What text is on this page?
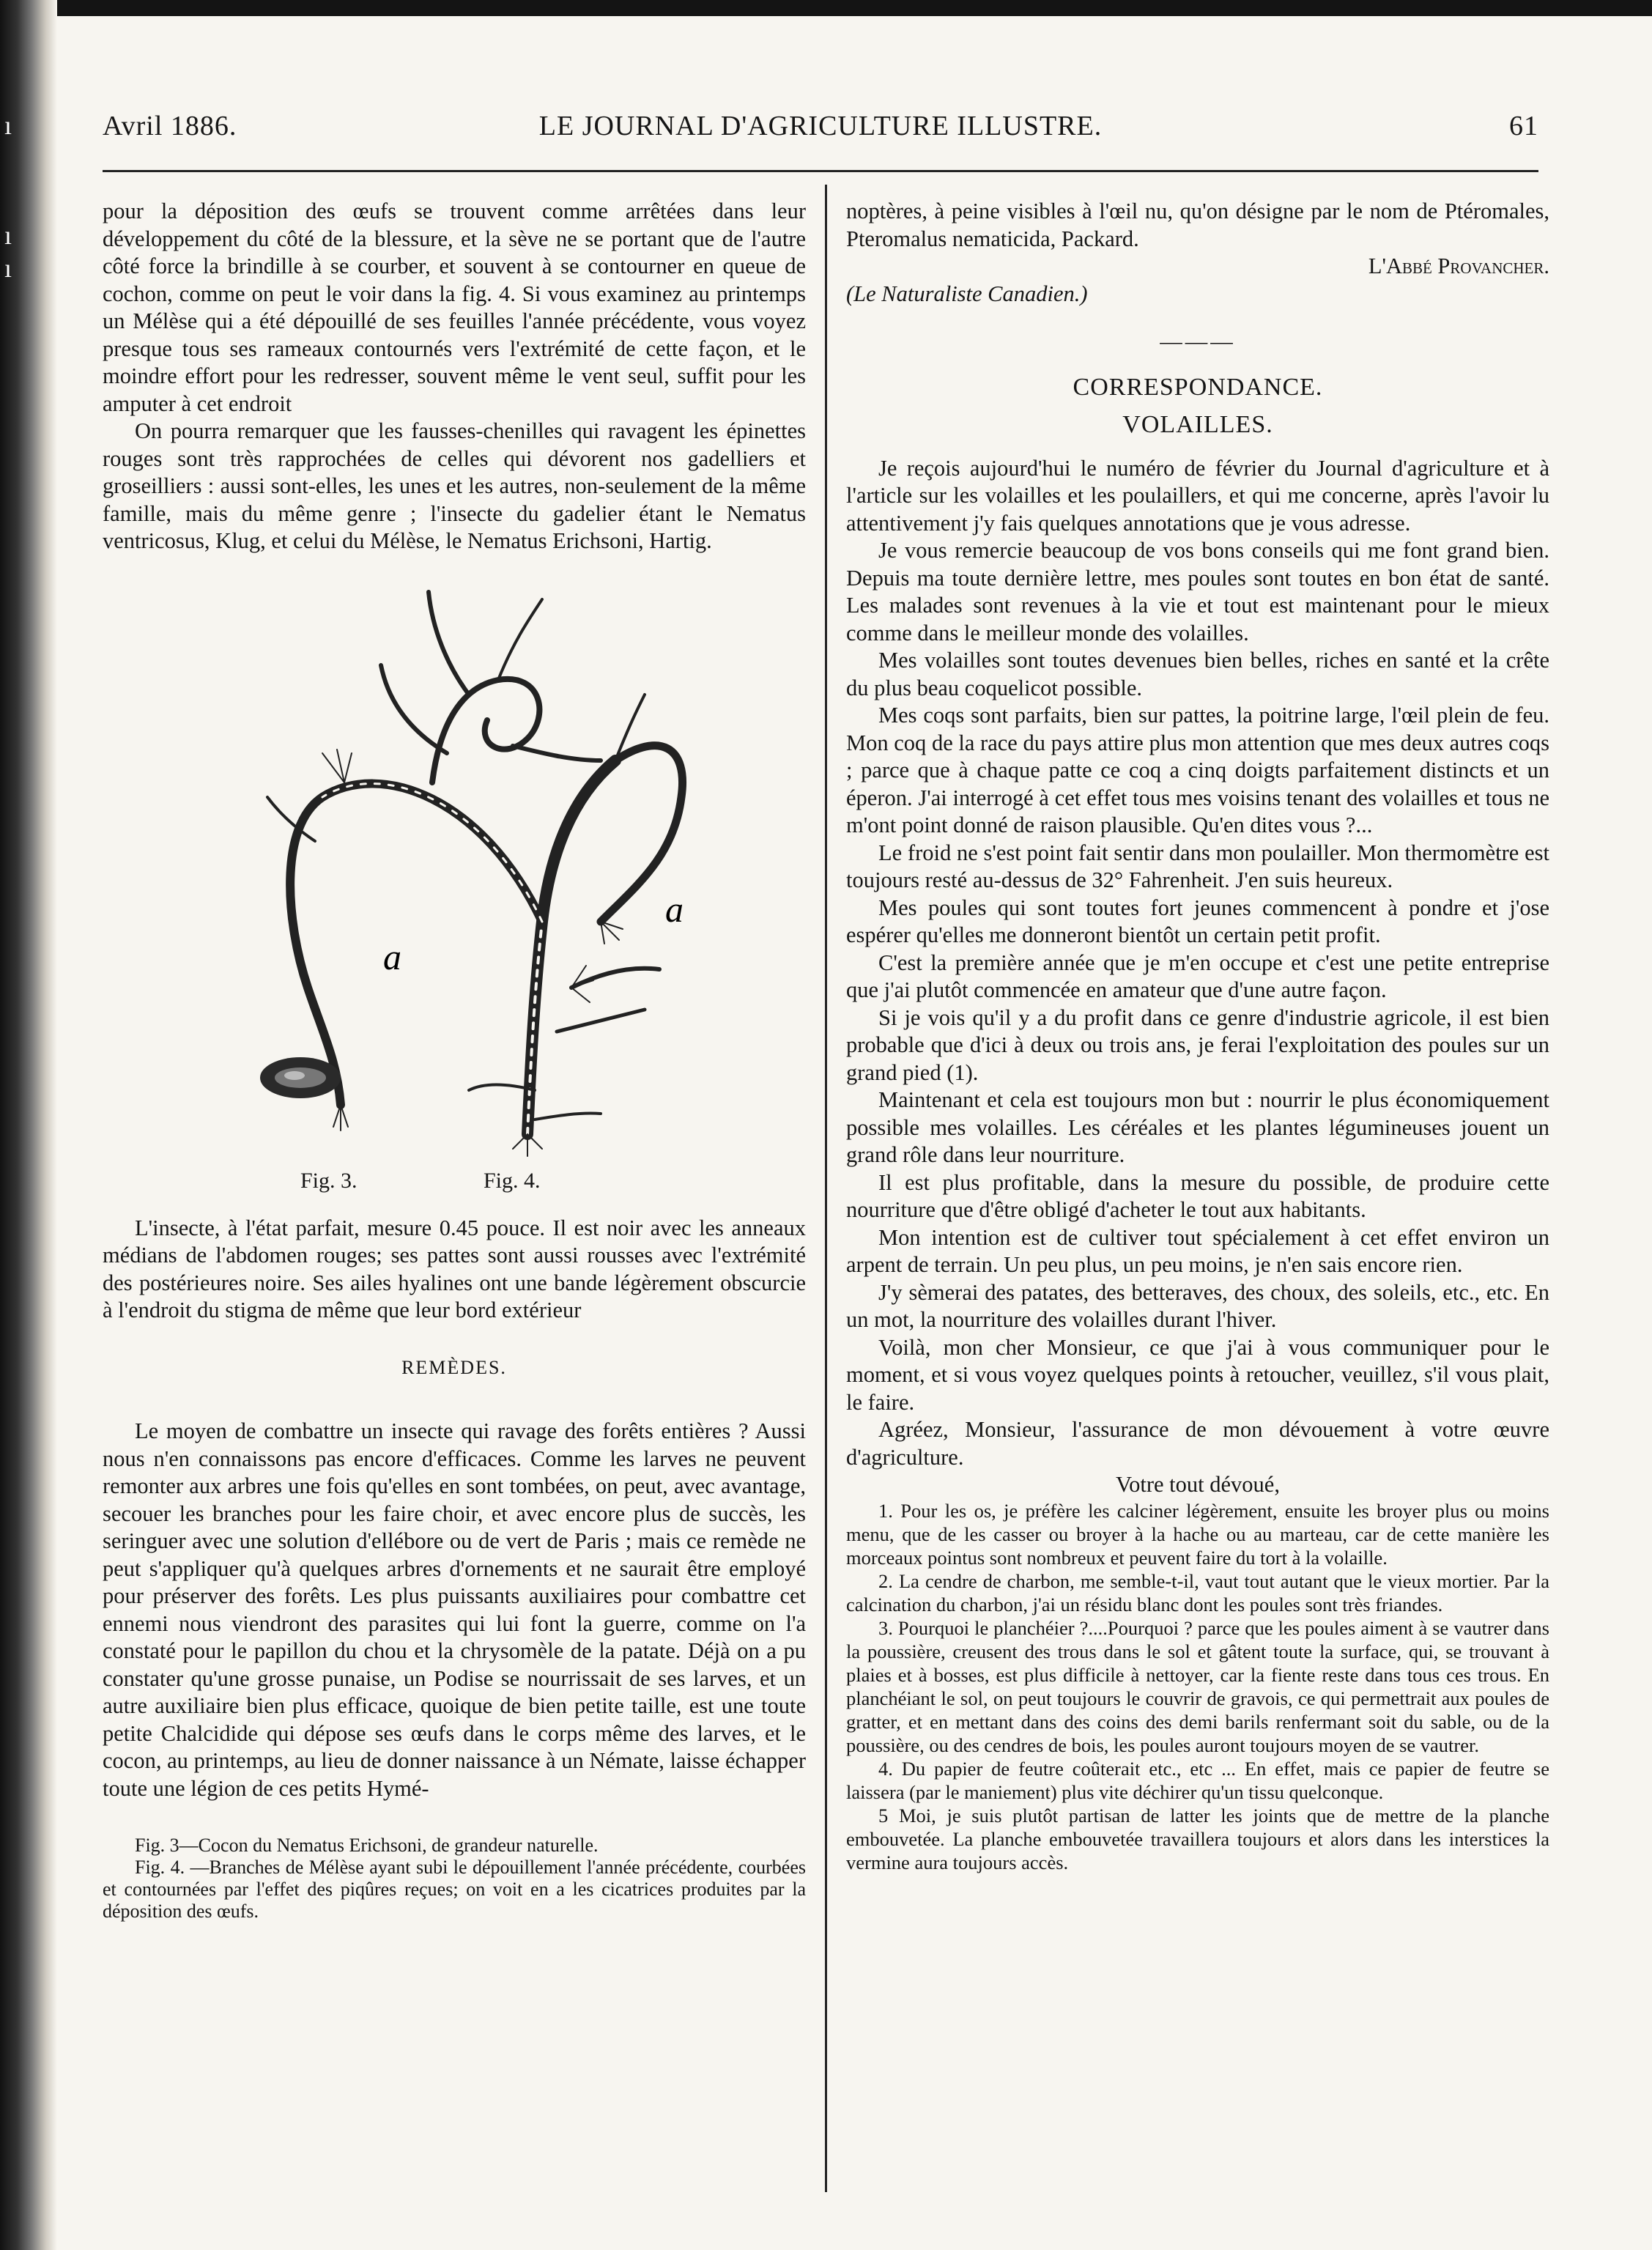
ı
ı
ı
Avril 1886.	LE JOURNAL D'AGRICULTURE ILLUSTRE.	61

pour la déposition des œufs se trouvent comme arrêtées dans leur développement du côté de la blessure, et la sève ne se portant que de l'autre côté force la brindille à se courber, et souvent à se contourner en queue de cochon, comme on peut le voir dans la fig. 4. Si vous examinez au printemps un Mélèse qui a été dépouillé de ses feuilles l'année précédente, vous voyez presque tous ses rameaux contournés vers l'extrémité de cette façon, et le moindre effort pour les redresser, souvent même le vent seul, suffit pour les amputer à cet endroit

On pourra remarquer que les fausses-chenilles qui ravagent les épinettes rouges sont très rapprochées de celles qui dévorent nos gadelliers et groseilliers : aussi sont-elles, les unes et les autres, non-seulement de la même famille, mais du même genre ; l'insecte du gadelier étant le Nematus ventricosus, Klug, et celui du Mélèse, le Nematus Erichsoni, Hartig.

a
a
Fig. 3.	Fig. 4.

L'insecte, à l'état parfait, mesure 0.45 pouce. Il est noir avec les anneaux médians de l'abdomen rouges; ses pattes sont aussi rousses avec l'extrémité des postérieures noire. Ses ailes hyalines ont une bande légèrement obscurcie à l'endroit du stigma de même que leur bord extérieur

REMÈDES.

Le moyen de combattre un insecte qui ravage des forêts entières ? Aussi nous n'en connaissons pas encore d'efficaces. Comme les larves ne peuvent remonter aux arbres une fois qu'elles en sont tombées, on peut, avec avantage, secouer les branches pour les faire choir, et avec encore plus de succès, les seringuer avec une solution d'ellébore ou de vert de Paris ; mais ce remède ne peut s'appliquer qu'à quelques arbres d'ornements et ne saurait être employé pour préserver des forêts. Les plus puissants auxiliaires pour combattre cet ennemi nous viendront des parasites qui lui font la guerre, comme on l'a constaté pour le papillon du chou et la chrysomèle de la patate. Déjà on a pu constater qu'une grosse punaise, un Podise se nourrissait de ses larves, et un autre auxiliaire bien plus efficace, quoique de bien petite taille, est une toute petite Chalcidide qui dépose ses œufs dans le corps même des larves, et le cocon, au printemps, au lieu de donner naissance à un Némate, laisse échapper toute une légion de ces petits Hymé-

Fig. 3—Cocon du Nematus Erichsoni, de grandeur naturelle.

Fig. 4. —Branches de Mélèse ayant subi le dépouillement l'année précédente, courbées et contournées par l'effet des piqûres reçues; on voit en a les cicatrices produites par la déposition des œufs.

noptères, à peine visibles à l'œil nu, qu'on désigne par le nom de Ptéromales, Pteromalus nematicida, Packard.

L'Abbé Provancher.

(Le Naturaliste Canadien.)

———
CORRESPONDANCE.
VOLAILLES.

Je reçois aujourd'hui le numéro de février du Journal d'agriculture et à l'article sur les volailles et les poulaillers, et qui me concerne, après l'avoir lu attentivement j'y fais quelques annotations que je vous adresse.

Je vous remercie beaucoup de vos bons conseils qui me font grand bien. Depuis ma toute dernière lettre, mes poules sont toutes en bon état de santé. Les malades sont revenues à la vie et tout est maintenant pour le mieux comme dans le meilleur monde des volailles.

Mes volailles sont toutes devenues bien belles, riches en santé et la crête du plus beau coquelicot possible.

Mes coqs sont parfaits, bien sur pattes, la poitrine large, l'œil plein de feu. Mon coq de la race du pays attire plus mon attention que mes deux autres coqs ; parce que à chaque patte ce coq a cinq doigts parfaitement distincts et un éperon. J'ai interrogé à cet effet tous mes voisins tenant des volailles et tous ne m'ont point donné de raison plausible. Qu'en dites vous ?...

Le froid ne s'est point fait sentir dans mon poulailler. Mon thermomètre est toujours resté au-dessus de 32° Fahrenheit. J'en suis heureux.

Mes poules qui sont toutes fort jeunes commencent à pondre et j'ose espérer qu'elles me donneront bientôt un certain petit profit.

C'est la première année que je m'en occupe et c'est une petite entreprise que j'ai plutôt commencée en amateur que d'une autre façon.

Si je vois qu'il y a du profit dans ce genre d'industrie agricole, il est bien probable que d'ici à deux ou trois ans, je ferai l'exploitation des poules sur un grand pied (1).

Maintenant et cela est toujours mon but : nourrir le plus économiquement possible mes volailles. Les céréales et les plantes légumineuses jouent un grand rôle dans leur nourriture.

Il est plus profitable, dans la mesure du possible, de produire cette nourriture que d'être obligé d'acheter le tout aux habitants.

Mon intention est de cultiver tout spécialement à cet effet environ un arpent de terrain. Un peu plus, un peu moins, je n'en sais encore rien.

J'y sèmerai des patates, des betteraves, des choux, des soleils, etc., etc. En un mot, la nourriture des volailles durant l'hiver.

Voilà, mon cher Monsieur, ce que j'ai à vous communiquer pour le moment, et si vous voyez quelques points à retoucher, veuillez, s'il vous plait, le faire.

Agréez, Monsieur, l'assurance de mon dévouement à votre œuvre d'agriculture.

Votre tout dévoué,

1. Pour les os, je préfère les calciner légèrement, ensuite les broyer plus ou moins menu, que de les casser ou broyer à la hache ou au marteau, car de cette manière les morceaux pointus sont nombreux et peuvent faire du tort à la volaille.

2. La cendre de charbon, me semble-t-il, vaut tout autant que le vieux mortier. Par la calcination du charbon, j'ai un résidu blanc dont les poules sont très friandes.

3. Pourquoi le planchéier ?....Pourquoi ? parce que les poules aiment à se vautrer dans la poussière, creusent des trous dans le sol et gâtent toute la surface, qui, se trouvant à plaies et à bosses, est plus difficile à nettoyer, car la fiente reste dans tous ces trous. En planchéiant le sol, on peut toujours le couvrir de gravois, ce qui permettrait aux poules de gratter, et en mettant dans des coins des demi barils renfermant soit du sable, ou de la poussière, ou des cendres de bois, les poules auront toujours moyen de se vautrer.

4. Du papier de feutre coûterait etc., etc ... En effet, mais ce papier de feutre se laissera (par le maniement) plus vite déchirer qu'un tissu quelconque.

5 Moi, je suis plutôt partisan de latter les joints que de mettre de la planche embouvetée. La planche embouvetée travaillera toujours et alors dans les interstices la vermine aura toujours accès.
